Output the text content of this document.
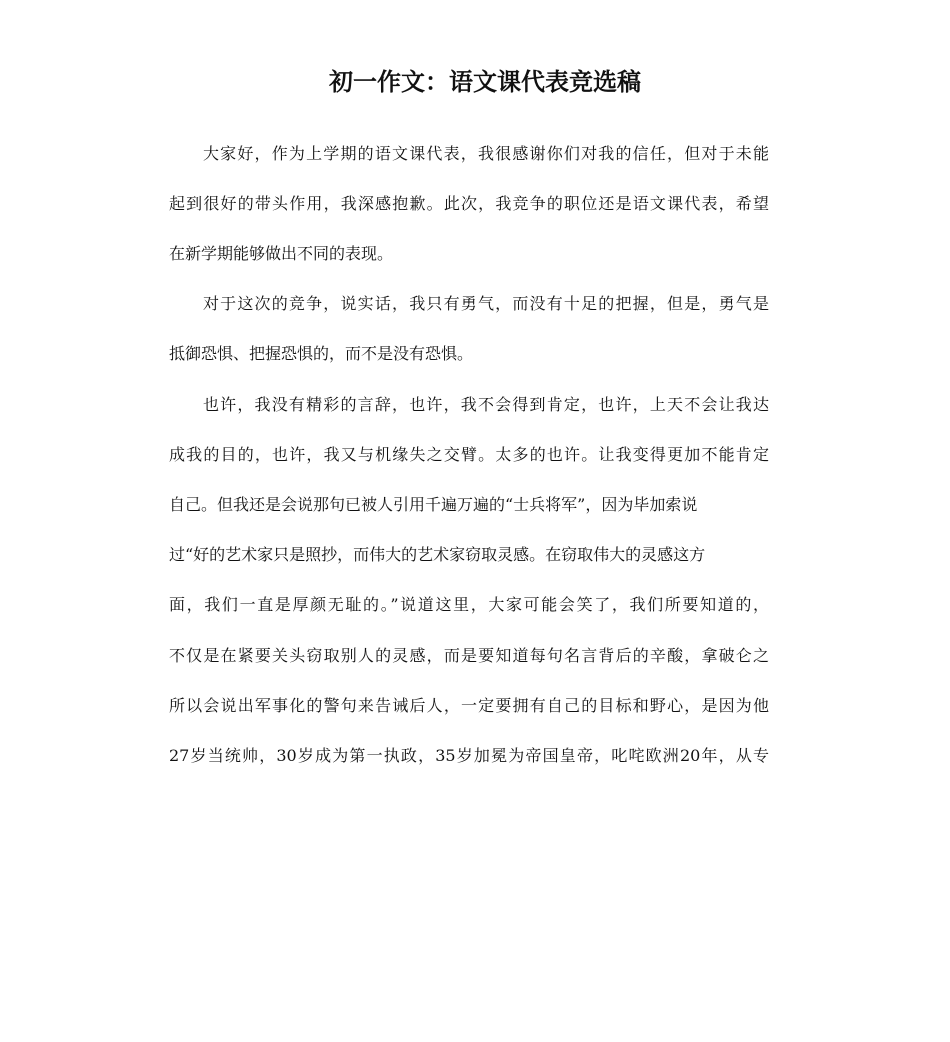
初一作文：语文课代表竞选稿

大家好，作为上学期的语文课代表，我很感谢你们对我的信任，但对于未能

起到很好的带头作用，我深感抱歉。此次，我竞争的职位还是语文课代表，希望

在新学期能够做出不同的表现。

对于这次的竞争，说实话，我只有勇气，而没有十足的把握，但是，勇气是

抵御恐惧、把握恐惧的，而不是没有恐惧。

也许，我没有精彩的言辞，也许，我不会得到肯定，也许，上天不会让我达

成我的目的，也许，我又与机缘失之交臂。太多的也许。让我变得更加不能肯定

自己。但我还是会说那句已被人引用千遍万遍的“士兵将军”，因为毕加索说

过“好的艺术家只是照抄，而伟大的艺术家窃取灵感。在窃取伟大的灵感这方

面，我们一直是厚颜无耻的。”说道这里，大家可能会笑了，我们所要知道的，

不仅是在紧要关头窃取别人的灵感，而是要知道每句名言背后的辛酸，拿破仑之

所以会说出军事化的警句来告诫后人，一定要拥有自己的目标和野心，是因为他

27岁当统帅，30岁成为第一执政，35岁加冕为帝国皇帝，叱咤欧洲20年，从专
